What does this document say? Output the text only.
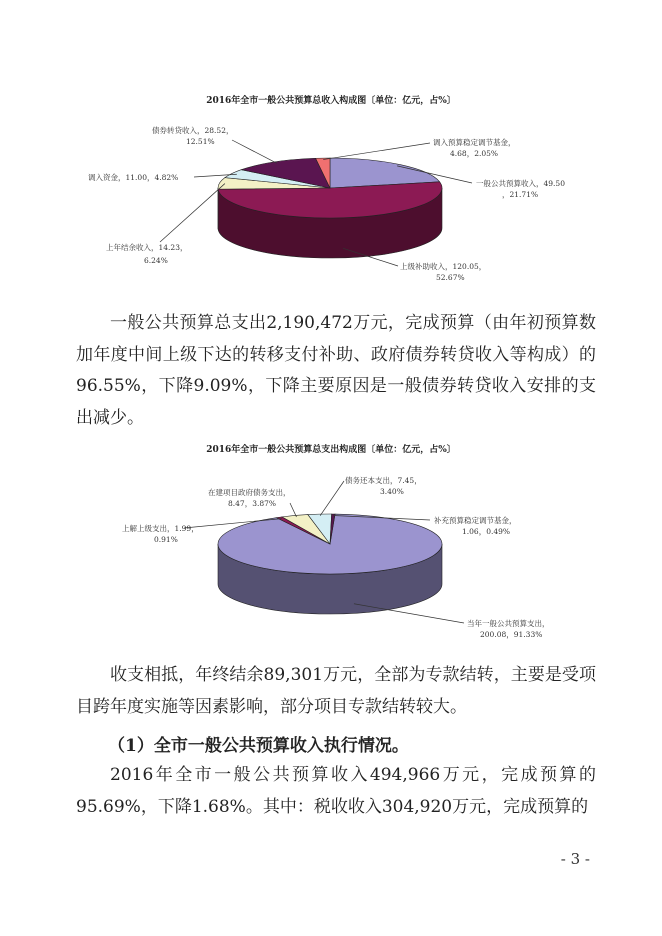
2016年全市一般公共预算总收入构成图〔单位：亿元，占%〕
一般公共预算收入，49.50
，21.71%
上级补助收入，120.05，
52.67%
上年结余收入，14.23，
6.24%
调入资金，11.00，4.82%
债券转贷收入，28.52，
12.51%	调入预算稳定调节基金，
4.68，2.05%

一般公共预算总支出2,190,472万元，完成预算（由年初预算数加年度中间上级下达的转移支付补助、政府债券转贷收入等构成）的96.55%，下降9.09%，下降主要原因是一般债券转贷收入安排的支出减少。

2016年全市一般公共预算总支出构成图〔单位：亿元，占%〕
当年一般公共预算支出，
200.08，91.33%
上解上级支出，1.99，
0.91%
在建项目政府债务支出，
8.47，3.87%
债务还本支出，7.45，
3.40%
补充预算稳定调节基金，
1.06，0.49%

收支相抵，年终结余89,301万元，全部为专款结转，主要是受项目跨年度实施等因素影响，部分项目专款结转较大。

（1）全市一般公共预算收入执行情况。

2016年全市一般公共预算收入494,966万元，完成预算的95.69%，下降1.68%。其中：税收收入304,920万元，完成预算的

- 3 -
